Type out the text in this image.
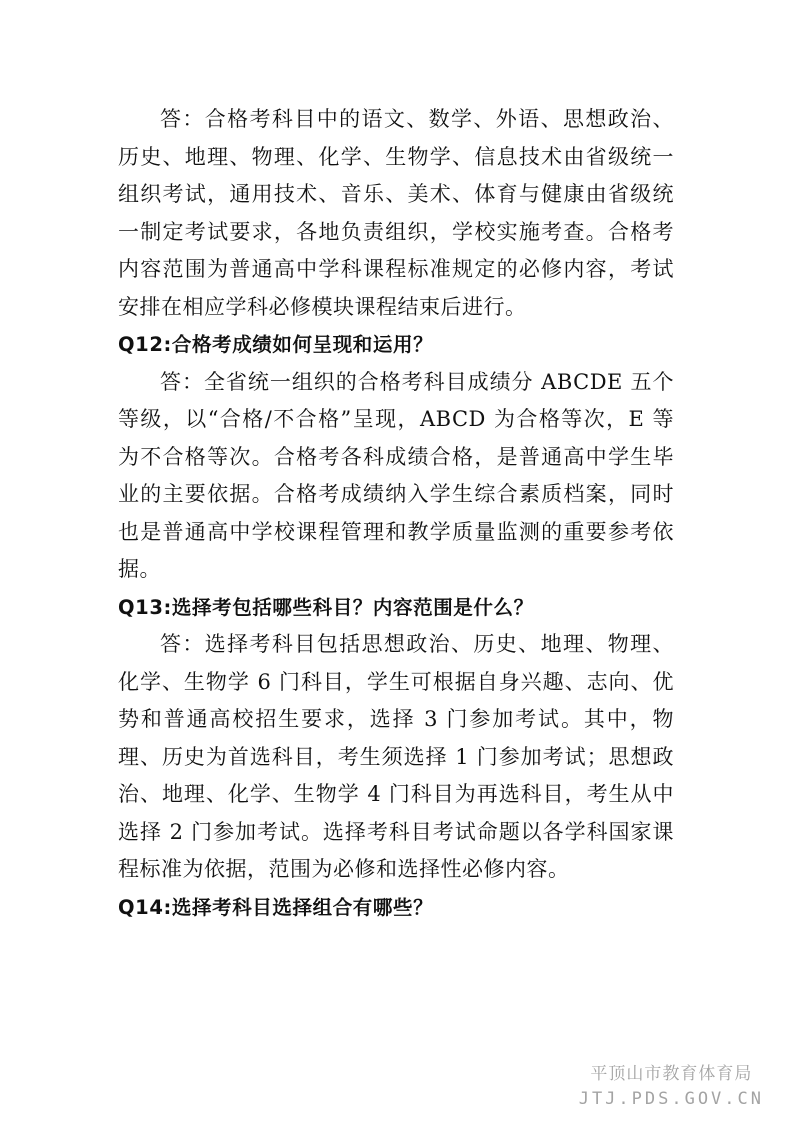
答：合格考科目中的语文、数学、外语、思想政治、历史、地理、物理、化学、生物学、信息技术由省级统一组织考试，通用技术、音乐、美术、体育与健康由省级统一制定考试要求，各地负责组织，学校实施考查。合格考内容范围为普通高中学科课程标准规定的必修内容，考试安排在相应学科必修模块课程结束后进行。

Q12:合格考成绩如何呈现和运用？

答：全省统一组织的合格考科目成绩分 ABCDE 五个等级，以“合格/不合格”呈现，ABCD 为合格等次，E 等为不合格等次。合格考各科成绩合格，是普通高中学生毕业的主要依据。合格考成绩纳入学生综合素质档案，同时也是普通高中学校课程管理和教学质量监测的重要参考依据。

Q13:选择考包括哪些科目？内容范围是什么？

答：选择考科目包括思想政治、历史、地理、物理、化学、生物学 6 门科目，学生可根据自身兴趣、志向、优势和普通高校招生要求，选择 3 门参加考试。其中，物理、历史为首选科目，考生须选择 1 门参加考试；思想政治、地理、化学、生物学 4 门科目为再选科目，考生从中选择 2 门参加考试。选择考科目考试命题以各学科国家课程标准为依据，范围为必修和选择性必修内容。

Q14:选择考科目选择组合有哪些？

平顶山市教育体育局
JTJ.PDS.GOV.CN
